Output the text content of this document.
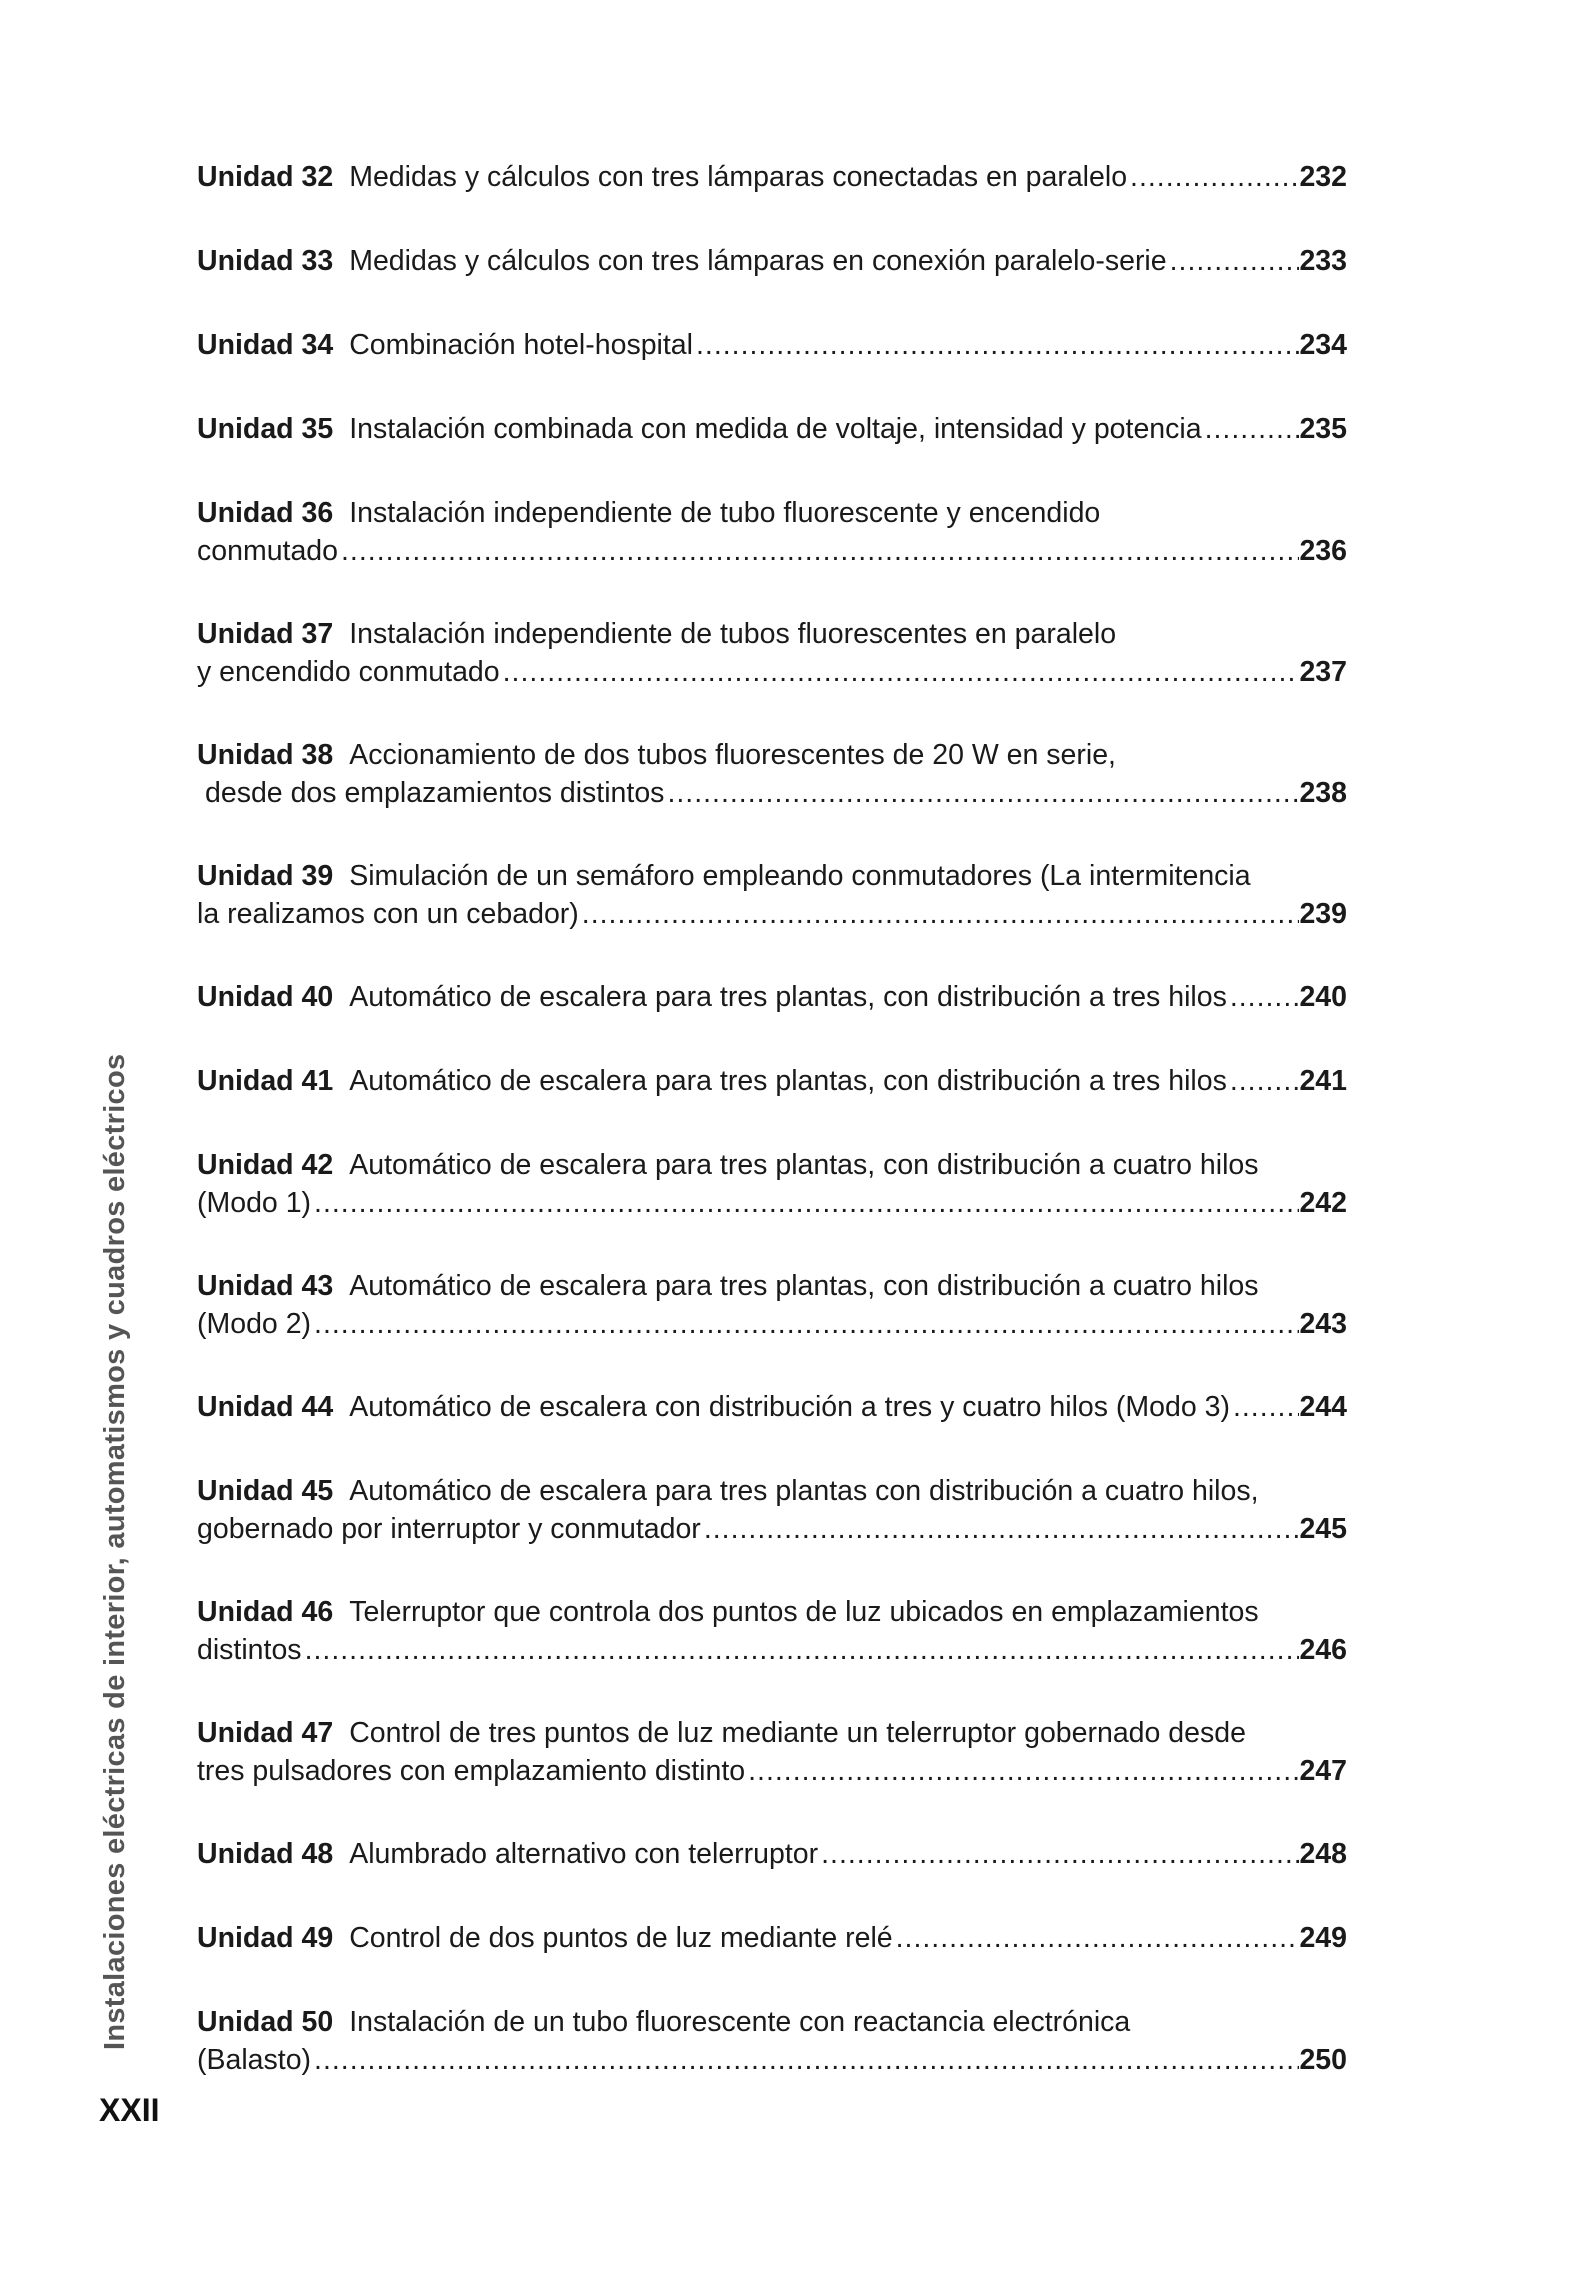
Unidad 32 Medidas y cálculos con tres lámparas conectadas en paralelo .....	232
Unidad 33 Medidas y cálculos con tres lámparas en conexión paralelo-serie .....	233
Unidad 34 Combinación hotel-hospital .....	234
Unidad 35 Instalación combinada con medida de voltaje, intensidad y potencia .....	235
Unidad 36 Instalación independiente de tubo fluorescente y encendido
conmutado .....	236
Unidad 37 Instalación independiente de tubos fluorescentes en paralelo
y encendido conmutado .....	237
Unidad 38 Accionamiento de dos tubos fluorescentes de 20 W en serie,
desde dos emplazamientos distintos .....	238
Unidad 39 Simulación de un semáforo empleando conmutadores (La intermitencia
la realizamos con un cebador) .....	239
Unidad 40 Automático de escalera para tres plantas, con distribución a tres hilos .....	240
Unidad 41 Automático de escalera para tres plantas, con distribución a tres hilos .....	241
Unidad 42 Automático de escalera para tres plantas, con distribución a cuatro hilos
(Modo 1) .....	242
Unidad 43 Automático de escalera para tres plantas, con distribución a cuatro hilos
(Modo 2) .....	243
Unidad 44 Automático de escalera con distribución a tres y cuatro hilos (Modo 3) ..... 244
Unidad 45 Automático de escalera para tres plantas con distribución a cuatro hilos,
gobernado por interruptor y conmutador .....	245
Unidad 46 Telerruptor que controla dos puntos de luz ubicados en emplazamientos
distintos .....	246
Unidad 47 Control de tres puntos de luz mediante un telerruptor gobernado desde
tres pulsadores con emplazamiento distinto .....	247
Unidad 48 Alumbrado alternativo con telerruptor .....	248
Unidad 49 Control de dos puntos de luz mediante relé .....	249
Unidad 50 Instalación de un tubo fluorescente con reactancia electrónica
(Balasto) .....	250
Instalaciones eléctricas de interior, automatismos y cuadros eléctricos
XXII
